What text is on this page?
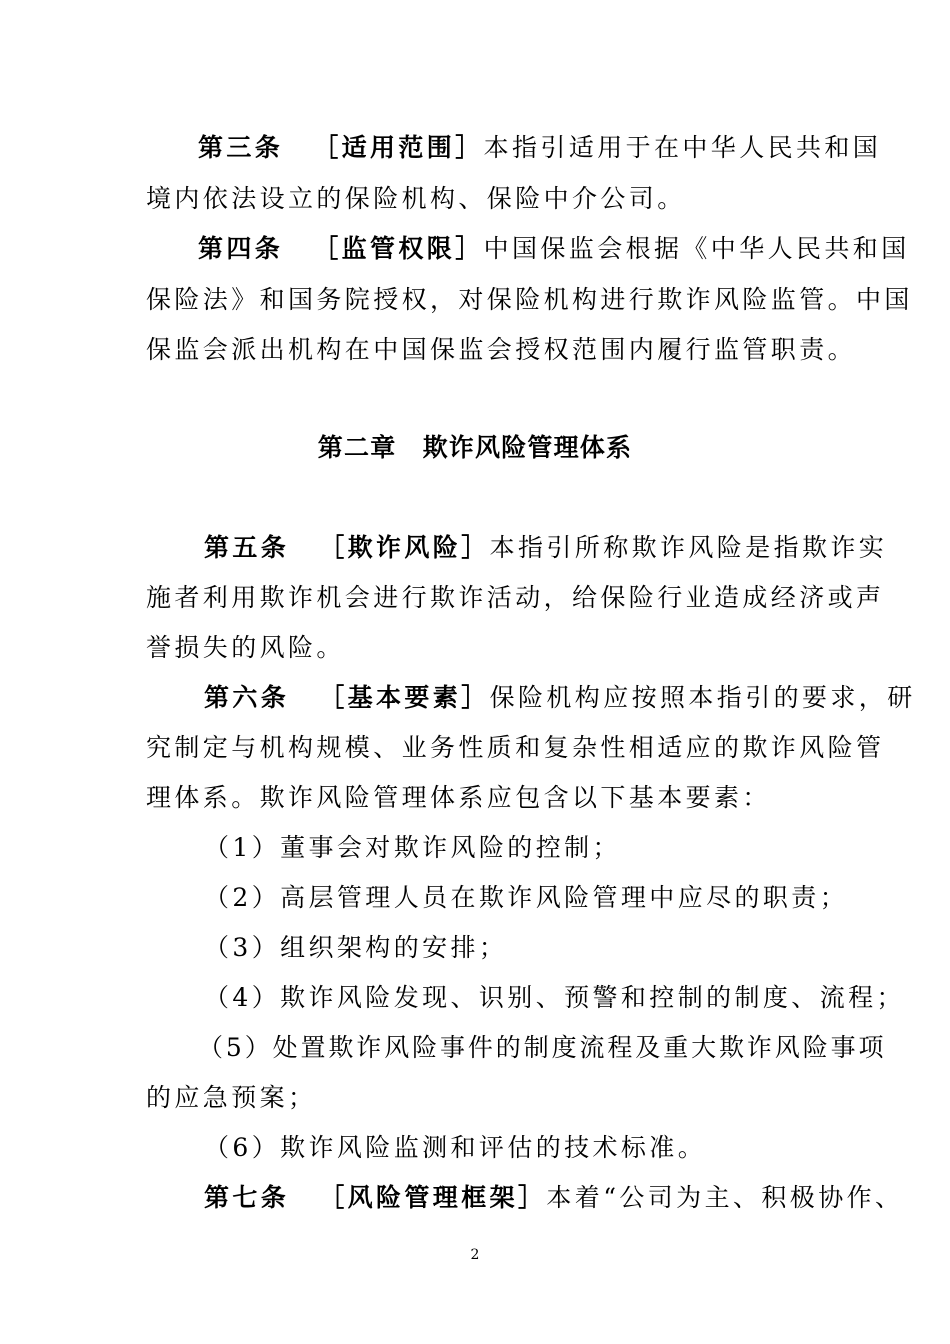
第三条 ［适用范围］本指引适用于在中华人民共和国
境内依法设立的保险机构、保险中介公司。
第四条 ［监管权限］中国保监会根据《中华人民共和国
保险法》和国务院授权，对保险机构进行欺诈风险监管。中国
保监会派出机构在中国保监会授权范围内履行监管职责。
第二章　欺诈风险管理体系
第五条 ［欺诈风险］本指引所称欺诈风险是指欺诈实
施者利用欺诈机会进行欺诈活动，给保险行业造成经济或声
誉损失的风险。
第六条 ［基本要素］保险机构应按照本指引的要求，研
究制定与机构规模、业务性质和复杂性相适应的欺诈风险管
理体系。欺诈风险管理体系应包含以下基本要素：
（1）董事会对欺诈风险的控制；
（2）高层管理人员在欺诈风险管理中应尽的职责；
（3）组织架构的安排；
（4）欺诈风险发现、识别、预警和控制的制度、流程；
（5）处置欺诈风险事件的制度流程及重大欺诈风险事项
的应急预案；
（6）欺诈风险监测和评估的技术标准。
第七条 ［风险管理框架］本着“公司为主、积极协作、
2
